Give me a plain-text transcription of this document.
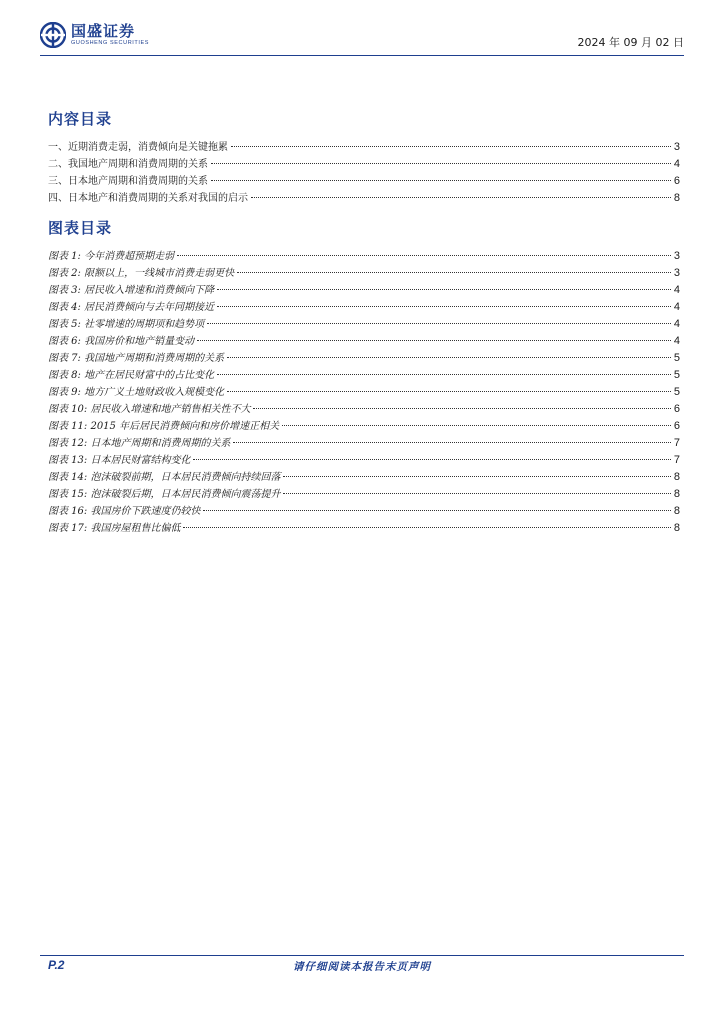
国盛证券
GUOSHENG SECURITIES	2024 年 09 月 02 日
内容目录
一、近期消费走弱，消费倾向是关键拖累	3
二、我国地产周期和消费周期的关系	4
三、日本地产周期和消费周期的关系	6
四、日本地产和消费周期的关系对我国的启示	8
图表目录
图表 1: 今年消费超预期走弱	3
图表 2: 限额以上，一线城市消费走弱更快	3
图表 3: 居民收入增速和消费倾向下降	4
图表 4: 居民消费倾向与去年同期接近	4
图表 5: 社零增速的周期项和趋势项	4
图表 6: 我国房价和地产销量变动	4
图表 7: 我国地产周期和消费周期的关系	5
图表 8: 地产在居民财富中的占比变化	5
图表 9: 地方广义土地财政收入规模变化	5
图表 10: 居民收入增速和地产销售相关性不大	6
图表 11: 2015 年后居民消费倾向和房价增速正相关	6
图表 12: 日本地产周期和消费周期的关系	7
图表 13: 日本居民财富结构变化	7
图表 14: 泡沫破裂前期，日本居民消费倾向持续回落	8
图表 15: 泡沫破裂后期，日本居民消费倾向震荡提升	8
图表 16: 我国房价下跌速度仍较快	8
图表 17: 我国房屋租售比偏低	8
P.2	请仔细阅读本报告末页声明
